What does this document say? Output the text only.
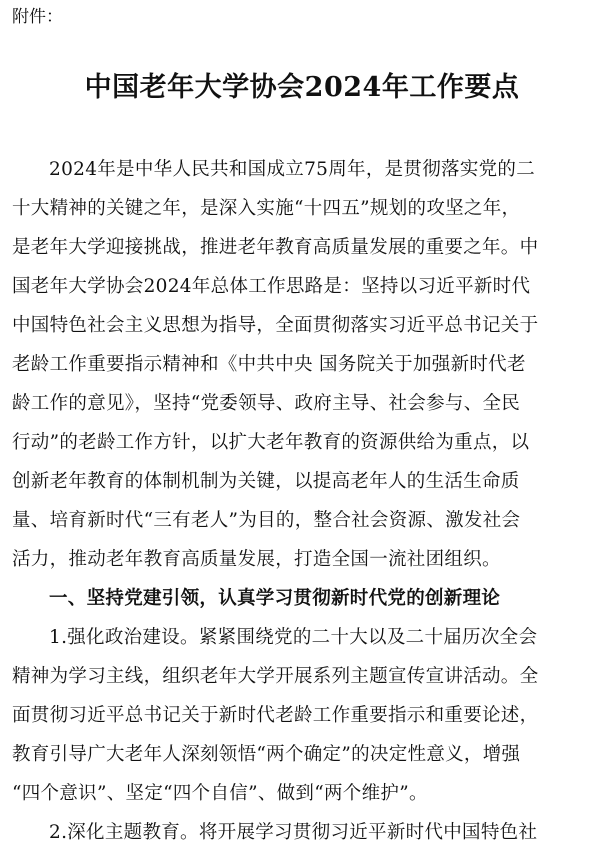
附件：
中国老年大学协会2024年工作要点
2024年是中华人民共和国成立75周年，是贯彻落实党的二
十大精神的关键之年，是深入实施“十四五”规划的攻坚之年，
是老年大学迎接挑战，推进老年教育高质量发展的重要之年。中
国老年大学协会2024年总体工作思路是：坚持以习近平新时代
中国特色社会主义思想为指导，全面贯彻落实习近平总书记关于
老龄工作重要指示精神和《中共中央 国务院关于加强新时代老
龄工作的意见》，坚持“党委领导、政府主导、社会参与、全民
行动”的老龄工作方针，以扩大老年教育的资源供给为重点，以
创新老年教育的体制机制为关键，以提高老年人的生活生命质
量、培育新时代“三有老人”为目的，整合社会资源、激发社会
活力，推动老年教育高质量发展，打造全国一流社团组织。
一、坚持党建引领，认真学习贯彻新时代党的创新理论
1.强化政治建设。紧紧围绕党的二十大以及二十届历次全会
精神为学习主线，组织老年大学开展系列主题宣传宣讲活动。全
面贯彻习近平总书记关于新时代老龄工作重要指示和重要论述，
教育引导广大老年人深刻领悟“两个确定”的决定性意义，增强
“四个意识”、坚定“四个自信”、做到“两个维护”。
2.深化主题教育。将开展学习贯彻习近平新时代中国特色社
